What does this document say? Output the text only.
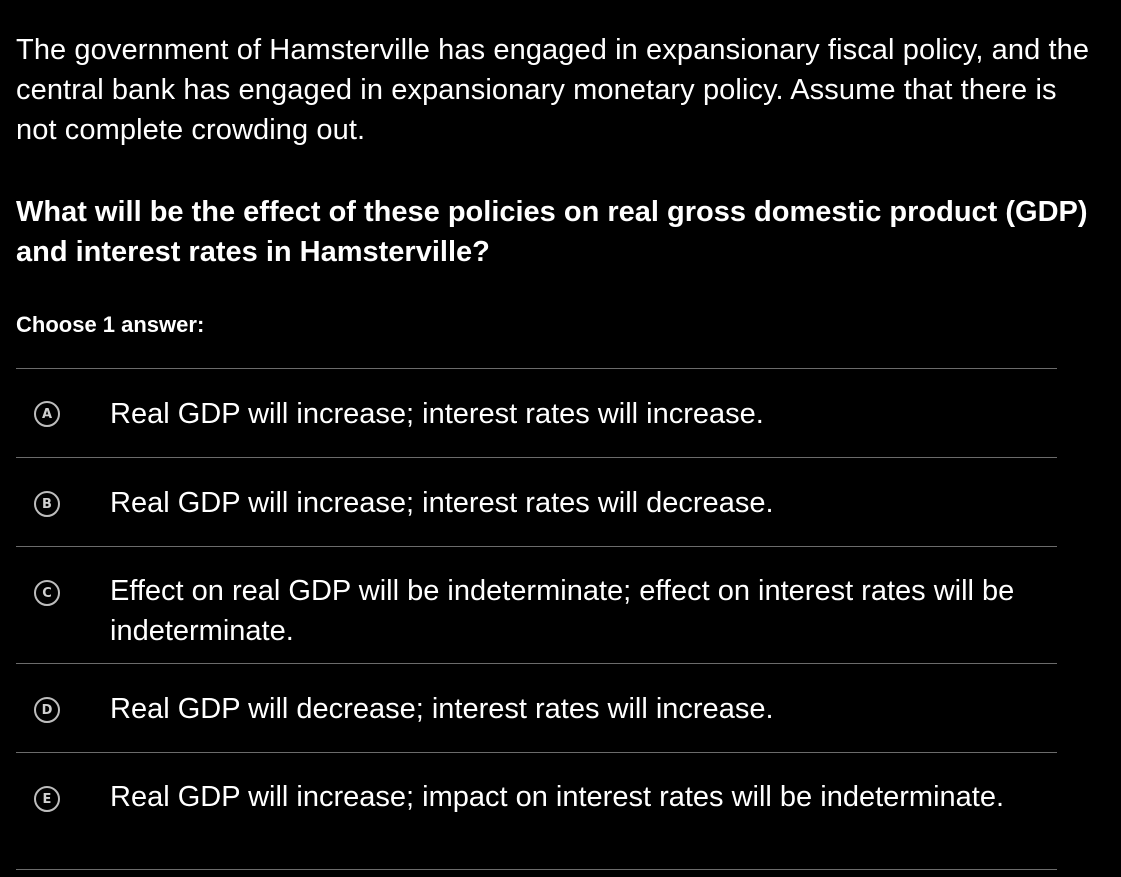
The government of Hamsterville has engaged in expansionary fiscal policy, and the central bank has engaged in expansionary monetary policy. Assume that there is not complete crowding out.

What will be the effect of these policies on real gross domestic product (GDP) and interest rates in Hamsterville?

Choose 1 answer:

A Real GDP will increase; interest rates will increase.
B Real GDP will increase; interest rates will decrease.
C Effect on real GDP will be indeterminate; effect on interest rates will be indeterminate.
D Real GDP will decrease; interest rates will increase.
E Real GDP will increase; impact on interest rates will be indeterminate.
